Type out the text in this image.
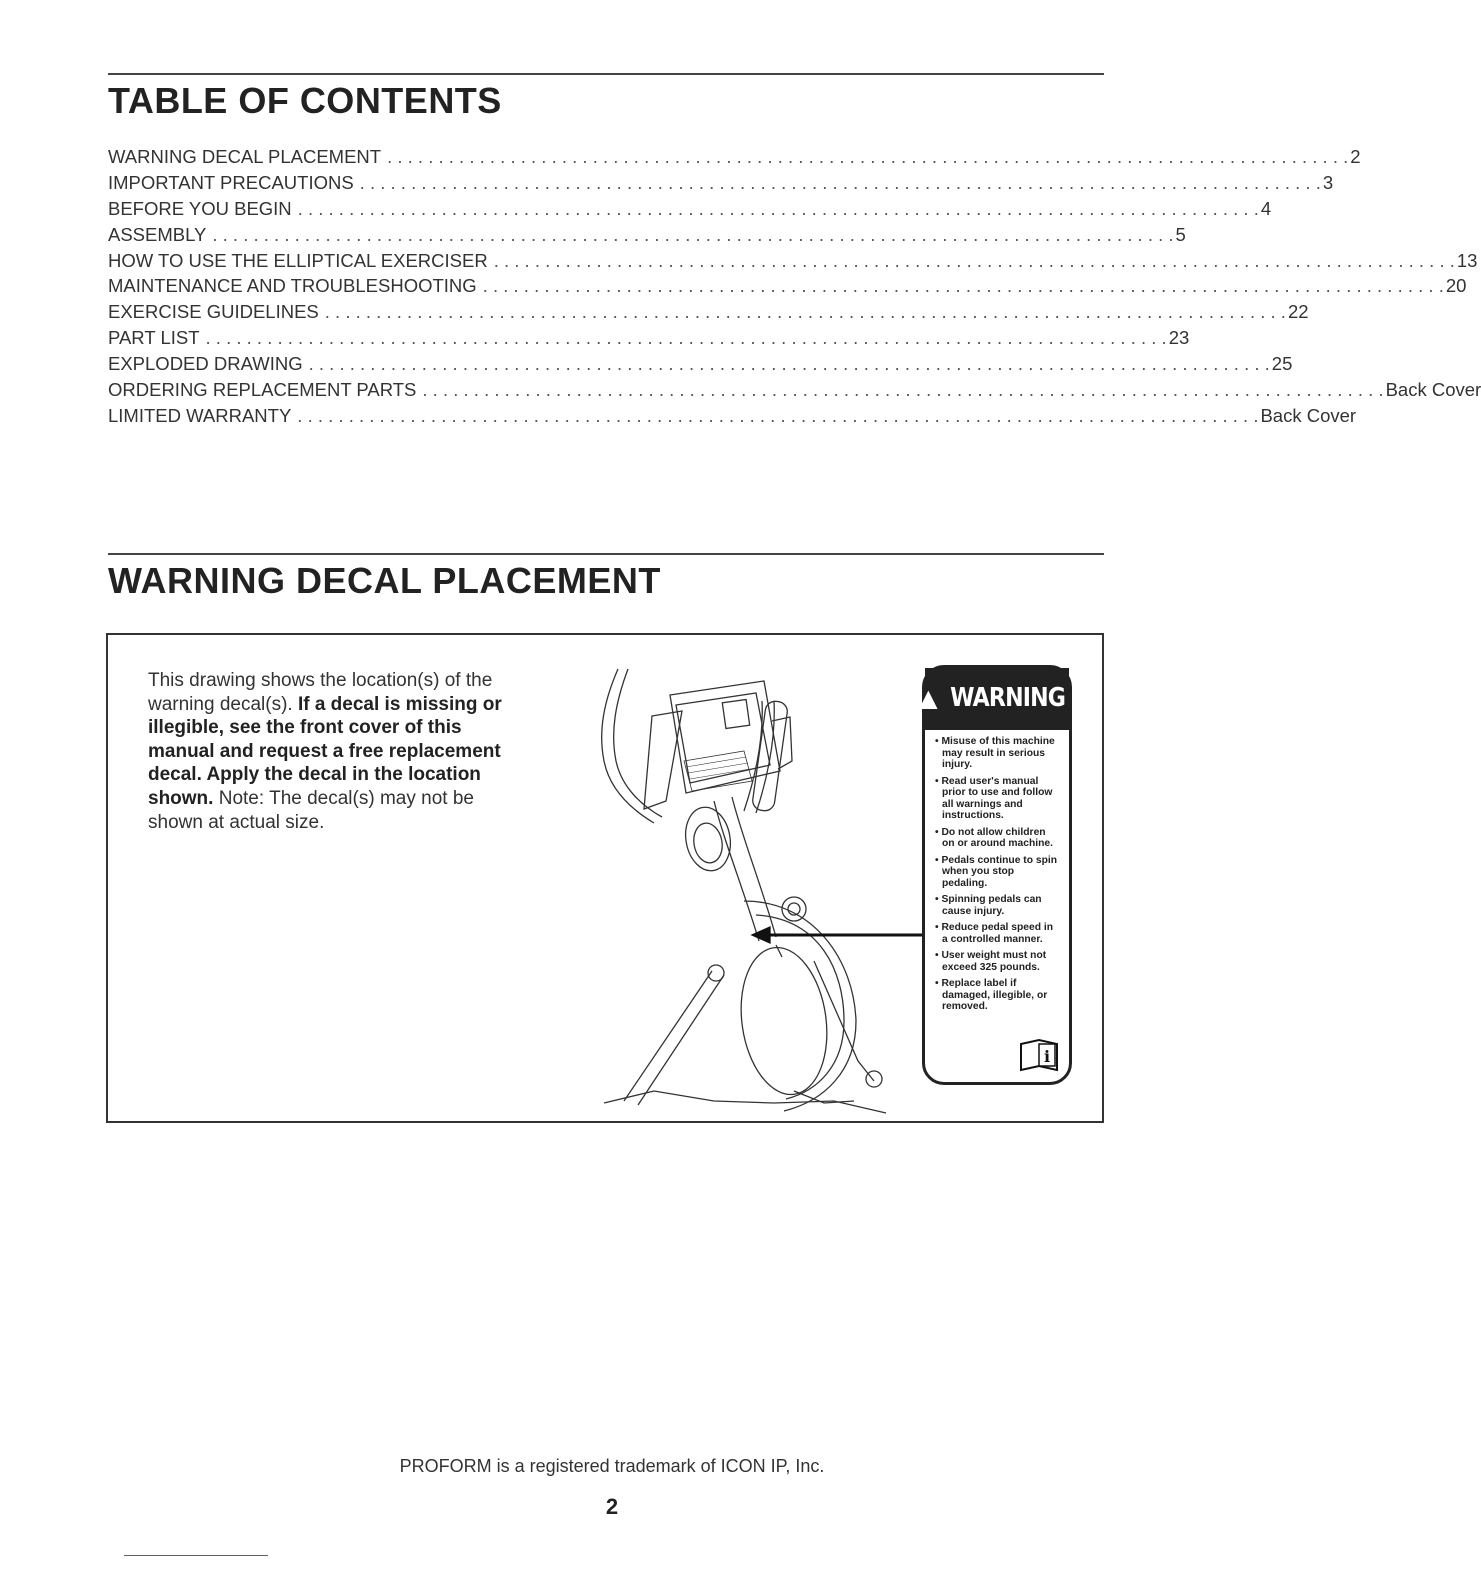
TABLE OF CONTENTS
WARNING DECAL PLACEMENT . . .	2
IMPORTANT PRECAUTIONS . . .	3
BEFORE YOU BEGIN . . .	4
ASSEMBLY . . .	5
HOW TO USE THE ELLIPTICAL EXERCISER . . .	13
MAINTENANCE AND TROUBLESHOOTING . . .	20
EXERCISE GUIDELINES . . .	22
PART LIST . . .	23
EXPLODED DRAWING . . .	25
ORDERING REPLACEMENT PARTS . . .	Back Cover
LIMITED WARRANTY . . .	Back Cover
WARNING DECAL PLACEMENT
This drawing shows the location(s) of the warning decal(s). If a decal is missing or illegible, see the front cover of this manual and request a free replacement decal. Apply the decal in the location shown. Note: The decal(s) may not be shown at actual size.
▲ WARNING
• Misuse of this machine may result in serious injury.
• Read user's manual prior to use and follow all warnings and instructions.
• Do not allow children on or around machine.
• Pedals continue to spin when you stop pedaling.
• Spinning pedals can cause injury.
• Reduce pedal speed in a controlled manner.
• User weight must not exceed 325 pounds.
• Replace label if damaged, illegible, or removed.
i
PROFORM is a registered trademark of ICON IP, Inc.
2
